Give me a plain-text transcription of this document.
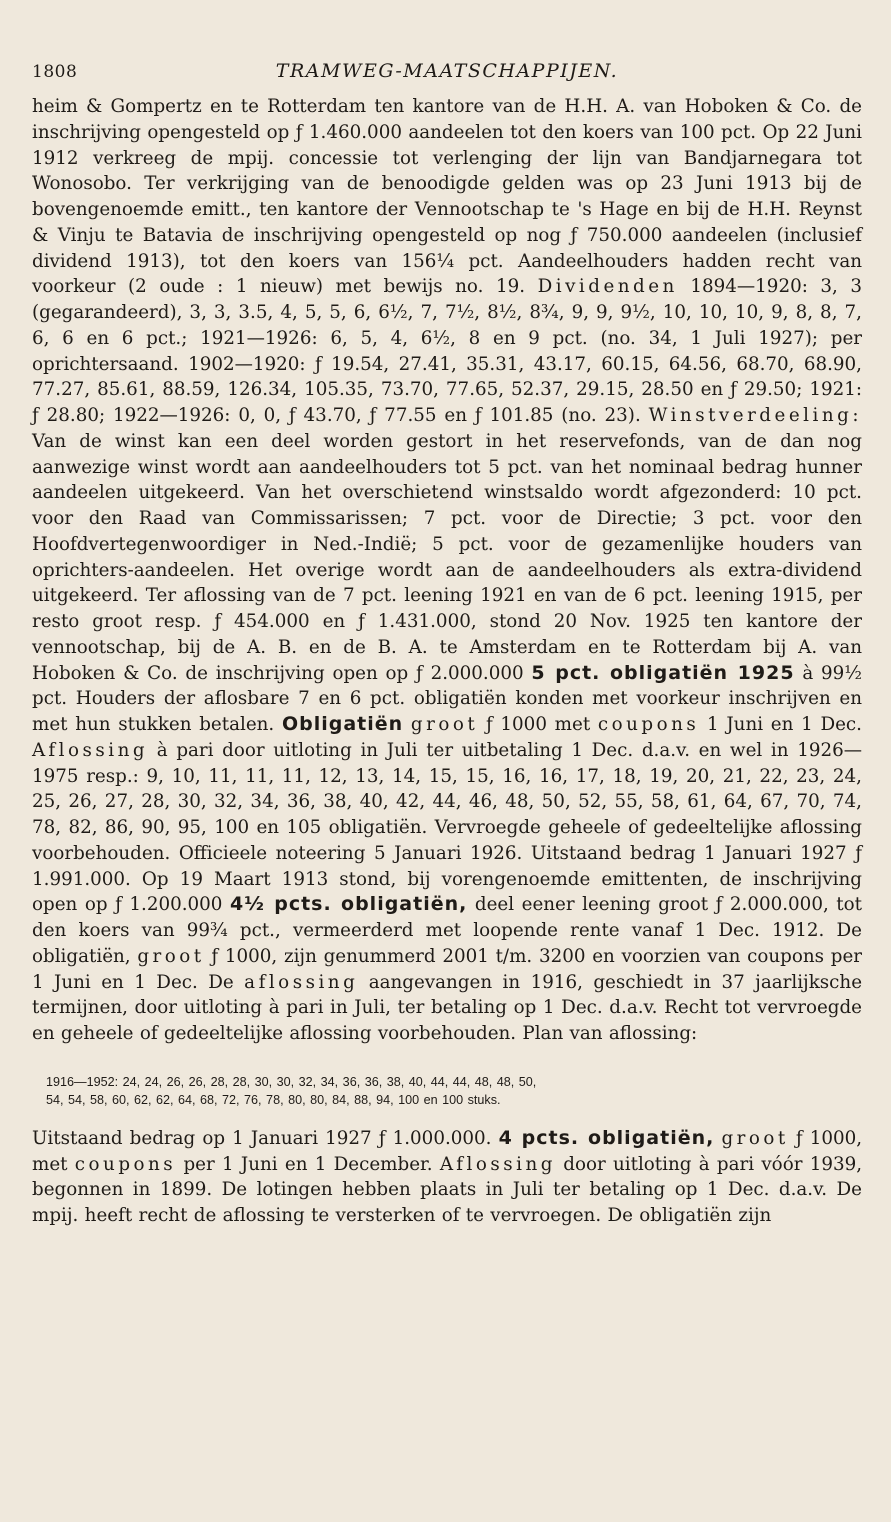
1808	TRAMWEG-MAATSCHAPPIJEN.

heim & Gompertz en te Rotterdam ten kantore van de H.H. A. van Hoboken & Co. de inschrijving opengesteld op ƒ 1.460.000 aandeelen tot den koers van 100 pct. Op 22 Juni 1912 verkreeg de mpij. concessie tot verlenging der lijn van Bandjarnegara tot Wonosobo. Ter verkrijging van de benoodigde gelden was op 23 Juni 1913 bij de bovengenoemde emitt., ten kantore der Vennootschap te 's Hage en bij de H.H. Reynst & Vinju te Batavia de inschrijving opengesteld op nog ƒ 750.000 aandeelen (inclusief dividend 1913), tot den koers van 156¼ pct. Aandeelhouders hadden recht van voorkeur (2 oude : 1 nieuw) met bewijs no. 19. Dividenden 1894—1920: 3, 3 (gegarandeerd), 3, 3, 3.5, 4, 5, 5, 6, 6½, 7, 7½, 8½, 8¾, 9, 9, 9½, 10, 10, 10, 9, 8, 8, 7, 6, 6 en 6 pct.; 1921—1926: 6, 5, 4, 6½, 8 en 9 pct. (no. 34, 1 Juli 1927); per oprichtersaand. 1902—1920: ƒ 19.54, 27.41, 35.31, 43.17, 60.15, 64.56, 68.70, 68.90, 77.27, 85.61, 88.59, 126.34, 105.35, 73.70, 77.65, 52.37, 29.15, 28.50 en ƒ 29.50; 1921: ƒ 28.80; 1922—1926: 0, 0, ƒ 43.70, ƒ 77.55 en ƒ 101.85 (no. 23). Winstverdeeling: Van de winst kan een deel worden gestort in het reservefonds, van de dan nog aanwezige winst wordt aan aandeelhouders tot 5 pct. van het nominaal bedrag hunner aandeelen uitgekeerd. Van het overschietend winstsaldo wordt afgezonderd: 10 pct. voor den Raad van Commissarissen; 7 pct. voor de Directie; 3 pct. voor den Hoofdvertegenwoordiger in Ned.-Indië; 5 pct. voor de gezamenlijke houders van oprichters-aandeelen. Het overige wordt aan de aandeelhouders als extra-dividend uitgekeerd. Ter aflossing van de 7 pct. leening 1921 en van de 6 pct. leening 1915, per resto groot resp. ƒ 454.000 en ƒ 1.431.000, stond 20 Nov. 1925 ten kantore der vennootschap, bij de A. B. en de B. A. te Amsterdam en te Rotterdam bij A. van Hoboken & Co. de inschrijving open op ƒ 2.000.000 5 pct. obligatiën 1925 à 99½ pct. Houders der aflosbare 7 en 6 pct. obligatiën konden met voorkeur inschrijven en met hun stukken betalen. Obligatiën groot ƒ 1000 met coupons 1 Juni en 1 Dec. Aflossing à pari door uitloting in Juli ter uitbetaling 1 Dec. d.a.v. en wel in 1926—1975 resp.: 9, 10, 11, 11, 11, 12, 13, 14, 15, 15, 16, 16, 17, 18, 19, 20, 21, 22, 23, 24, 25, 26, 27, 28, 30, 32, 34, 36, 38, 40, 42, 44, 46, 48, 50, 52, 55, 58, 61, 64, 67, 70, 74, 78, 82, 86, 90, 95, 100 en 105 obligatiën. Vervroegde geheele of gedeeltelijke aflossing voorbehouden. Officieele noteering 5 Januari 1926. Uitstaand bedrag 1 Januari 1927 ƒ 1.991.000. Op 19 Maart 1913 stond, bij vorengenoemde emittenten, de inschrijving open op ƒ 1.200.000 4½ pcts. obligatiën, deel eener leening groot ƒ 2.000.000, tot den koers van 99¾ pct., vermeerderd met loopende rente vanaf 1 Dec. 1912. De obligatiën, groot ƒ 1000, zijn genummerd 2001 t/m. 3200 en voorzien van coupons per 1 Juni en 1 Dec. De aflossing aangevangen in 1916, geschiedt in 37 jaarlijksche termijnen, door uitloting à pari in Juli, ter betaling op 1 Dec. d.a.v. Recht tot vervroegde en geheele of gedeeltelijke aflossing voorbehouden. Plan van aflossing:

1916—1952: 24, 24, 26, 26, 28, 28, 30, 30, 32, 34, 36, 36, 38, 40, 44, 44, 48, 48, 50,
54, 54, 58, 60, 62, 62, 64, 68, 72, 76, 78, 80, 80, 84, 88, 94, 100 en 100 stuks.

Uitstaand bedrag op 1 Januari 1927 ƒ 1.000.000. 4 pcts. obligatiën, groot ƒ 1000, met coupons per 1 Juni en 1 December. Aflossing door uitloting à pari vóór 1939, begonnen in 1899. De lotingen hebben plaats in Juli ter betaling op 1 Dec. d.a.v. De mpij. heeft recht de aflossing te versterken of te vervroegen. De obligatiën zijn
